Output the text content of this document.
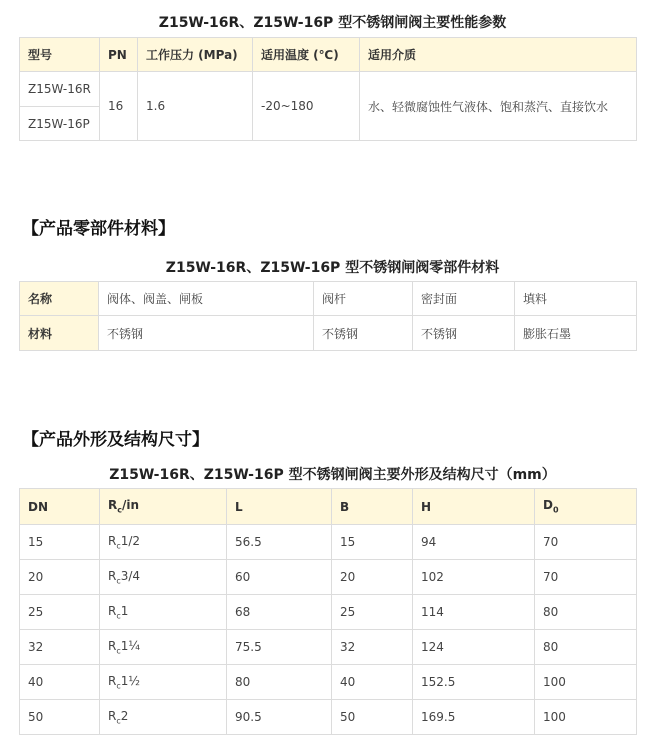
Z15W-16R、Z15W-16P 型不锈钢闸阀主要性能参数
型号	PN	工作压力 (MPa)	适用温度 (℃)	适用介质
Z15W-16R	16	1.6	-20~180	水、轻微腐蚀性气液体、饱和蒸汽、直接饮水
Z15W-16P				
【产品零部件材料】
Z15W-16R、Z15W-16P 型不锈钢闸阀零部件材料
名称	阀体、阀盖、闸板	阀杆	密封面	填料
材料	不锈钢	不锈钢	不锈钢	膨胀石墨
【产品外形及结构尺寸】
Z15W-16R、Z15W-16P 型不锈钢闸阀主要外形及结构尺寸（mm）
DN	$R_c/in$	L	B	H	$D_0$
15	$R_c1/2$	56.5	15	94	70
20	$R_c3/4$	60	20	102	70
25	$R_c1$	68	25	114	80
32	$R_c1\frac{1}{4}$	75.5	32	124	80
40	$R_c1\frac{1}{2}$	80	40	152.5	100
50	$R_c2$	90.5	50	169.5	100
